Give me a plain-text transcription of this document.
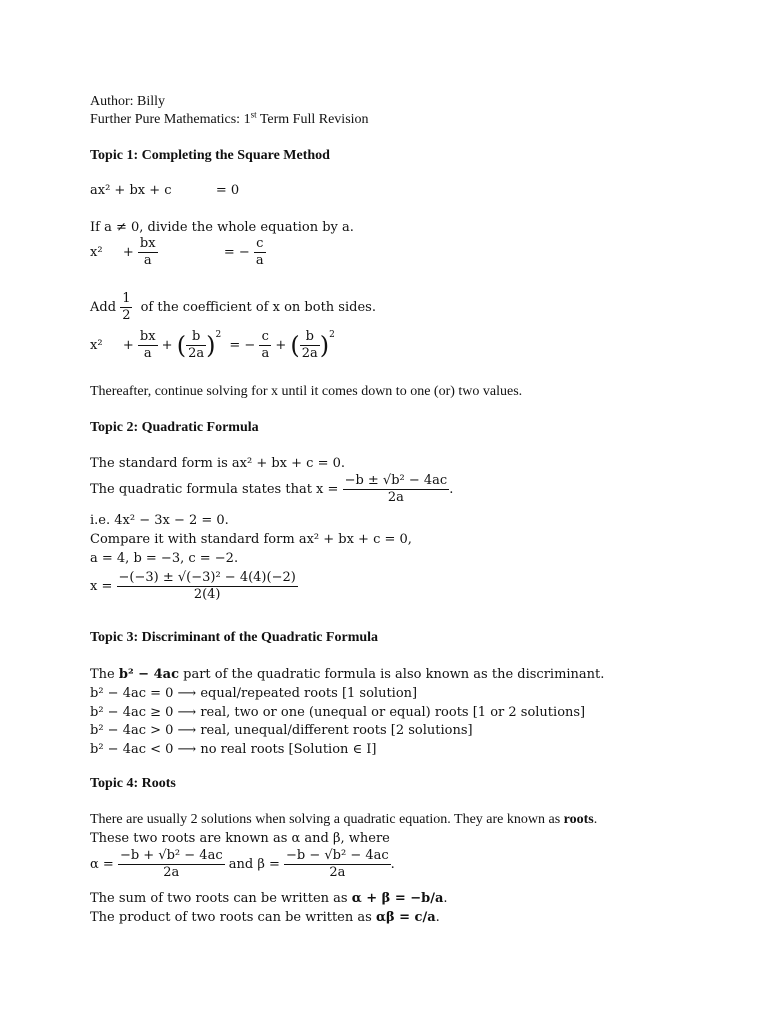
Author: Billy
Further Pure Mathematics: 1st Term Full Revision
Topic 1: Completing the Square Method
ax² + bx + c	= 0
If a ≠ 0, divide the whole equation by a.
$x^2 + \frac{bx}{a}$	= − $\frac{c}{a}$
Add $\frac{1}{2}$ of the coefficient of x on both sides.
$x^2 + \frac{bx}{a}$ + ( $\frac{b}{2a} )^2$ = − $\frac{c}{a}$ + ( $\frac{b}{2a} )^2$
Thereafter, continue solving for x until it comes down to one (or) two values.
Topic 2: Quadratic Formula
The standard form is ax² + bx + c = 0.
The quadratic formula states that $x = \frac{\text{−b ± √b² − 4ac}}{2a}$ .
i.e. 4x² − 3x − 2 = 0.
Compare it with standard form ax² + bx + c = 0,
a = 4, b = −3, c = −2.
$x = \frac{\text{−(−3) ± √(−3)² − 4(4)(−2)}}{2(4)}$
Topic 3: Discriminant of the Quadratic Formula
The b² − 4ac part of the quadratic formula is also known as the discriminant.
b² − 4ac = 0 ⟶ equal/repeated roots [1 solution]
b² − 4ac ≥ 0 ⟶ real, two or one (unequal or equal) roots [1 or 2 solutions]
b² − 4ac > 0 ⟶ real, unequal/different roots [2 solutions]
b² − 4ac < 0 ⟶ no real roots [Solution ∈ I]
Topic 4: Roots
There are usually 2 solutions when solving a quadratic equation. They are known as roots.
These two roots are known as α and β, where
$\alpha = \frac{\text{−b + √b² − 4ac}}{2a}$ and $\beta = \frac{\text{−b − √b² − 4ac}}{2a}$ .
The sum of two roots can be written as α + β = −b/a.
The product of two roots can be written as αβ = c/a.
